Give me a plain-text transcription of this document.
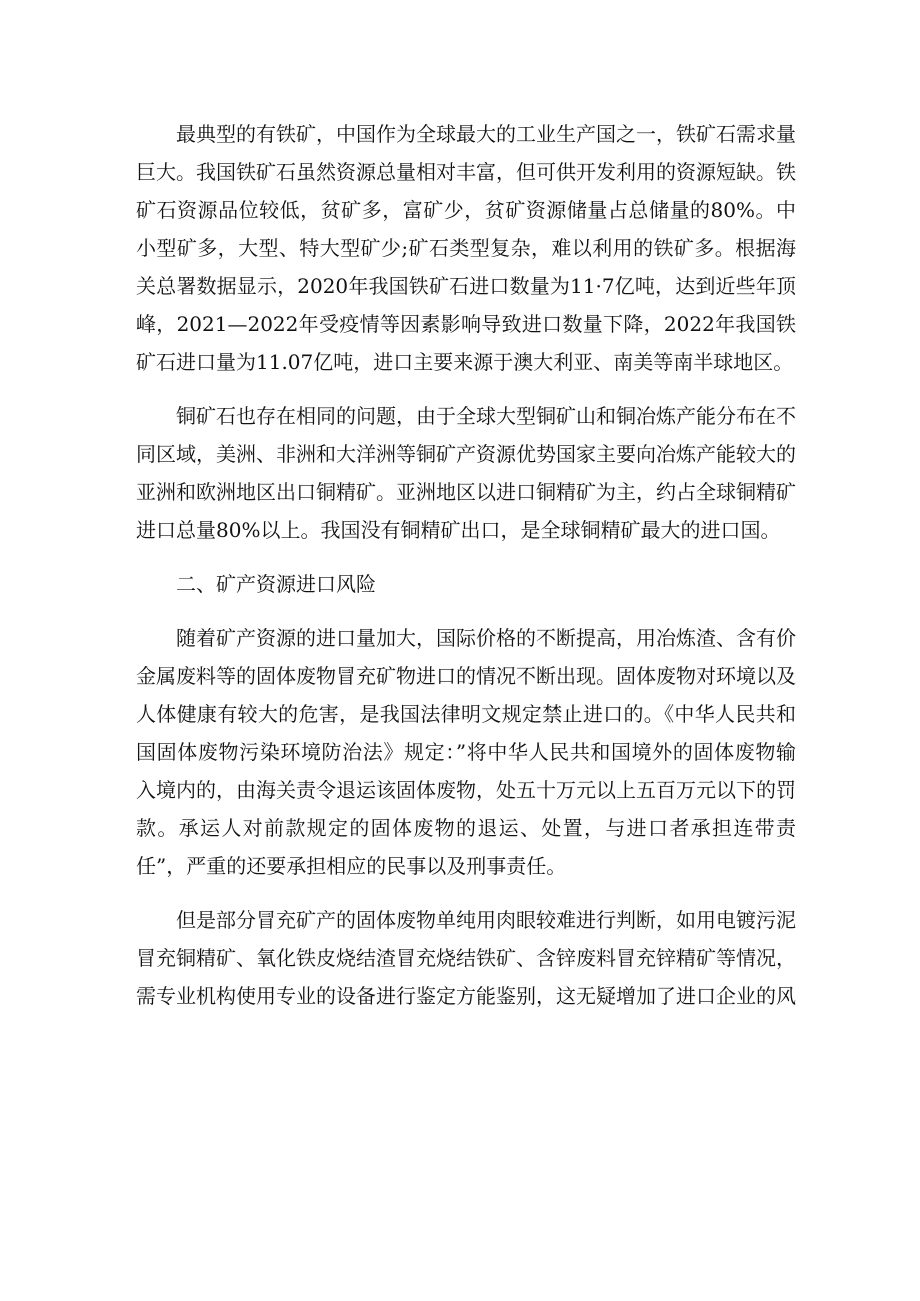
最典型的有铁矿，中国作为全球最大的工业生产国之一，铁矿石需求量巨大。我国铁矿石虽然资源总量相对丰富，但可供开发利用的资源短缺。铁矿石资源品位较低，贫矿多，富矿少，贫矿资源储量占总储量的80%。中小型矿多，大型、特大型矿少;矿石类型复杂，难以利用的铁矿多。根据海关总署数据显示，2020年我国铁矿石进口数量为11·7亿吨，达到近些年顶峰，2021—2022年受疫情等因素影响导致进口数量下降，2022年我国铁矿石进口量为11.07亿吨，进口主要来源于澳大利亚、南美等南半球地区。

铜矿石也存在相同的问题，由于全球大型铜矿山和铜冶炼产能分布在不同区域，美洲、非洲和大洋洲等铜矿产资源优势国家主要向冶炼产能较大的亚洲和欧洲地区出口铜精矿。亚洲地区以进口铜精矿为主，约占全球铜精矿进口总量80%以上。我国没有铜精矿出口，是全球铜精矿最大的进口国。

二、矿产资源进口风险

随着矿产资源的进口量加大，国际价格的不断提高，用冶炼渣、含有价金属废料等的固体废物冒充矿物进口的情况不断出现。固体废物对环境以及人体健康有较大的危害，是我国法律明文规定禁止进口的。《中华人民共和国固体废物污染环境防治法》规定：”将中华人民共和国境外的固体废物输入境内的，由海关责令退运该固体废物，处五十万元以上五百万元以下的罚款。承运人对前款规定的固体废物的退运、处置，与进口者承担连带责任”，严重的还要承担相应的民事以及刑事责任。

但是部分冒充矿产的固体废物单纯用肉眼较难进行判断，如用电镀污泥冒充铜精矿、氧化铁皮烧结渣冒充烧结铁矿、含锌废料冒充锌精矿等情况，需专业机构使用专业的设备进行鉴定方能鉴别，这无疑增加了进口企业的风
